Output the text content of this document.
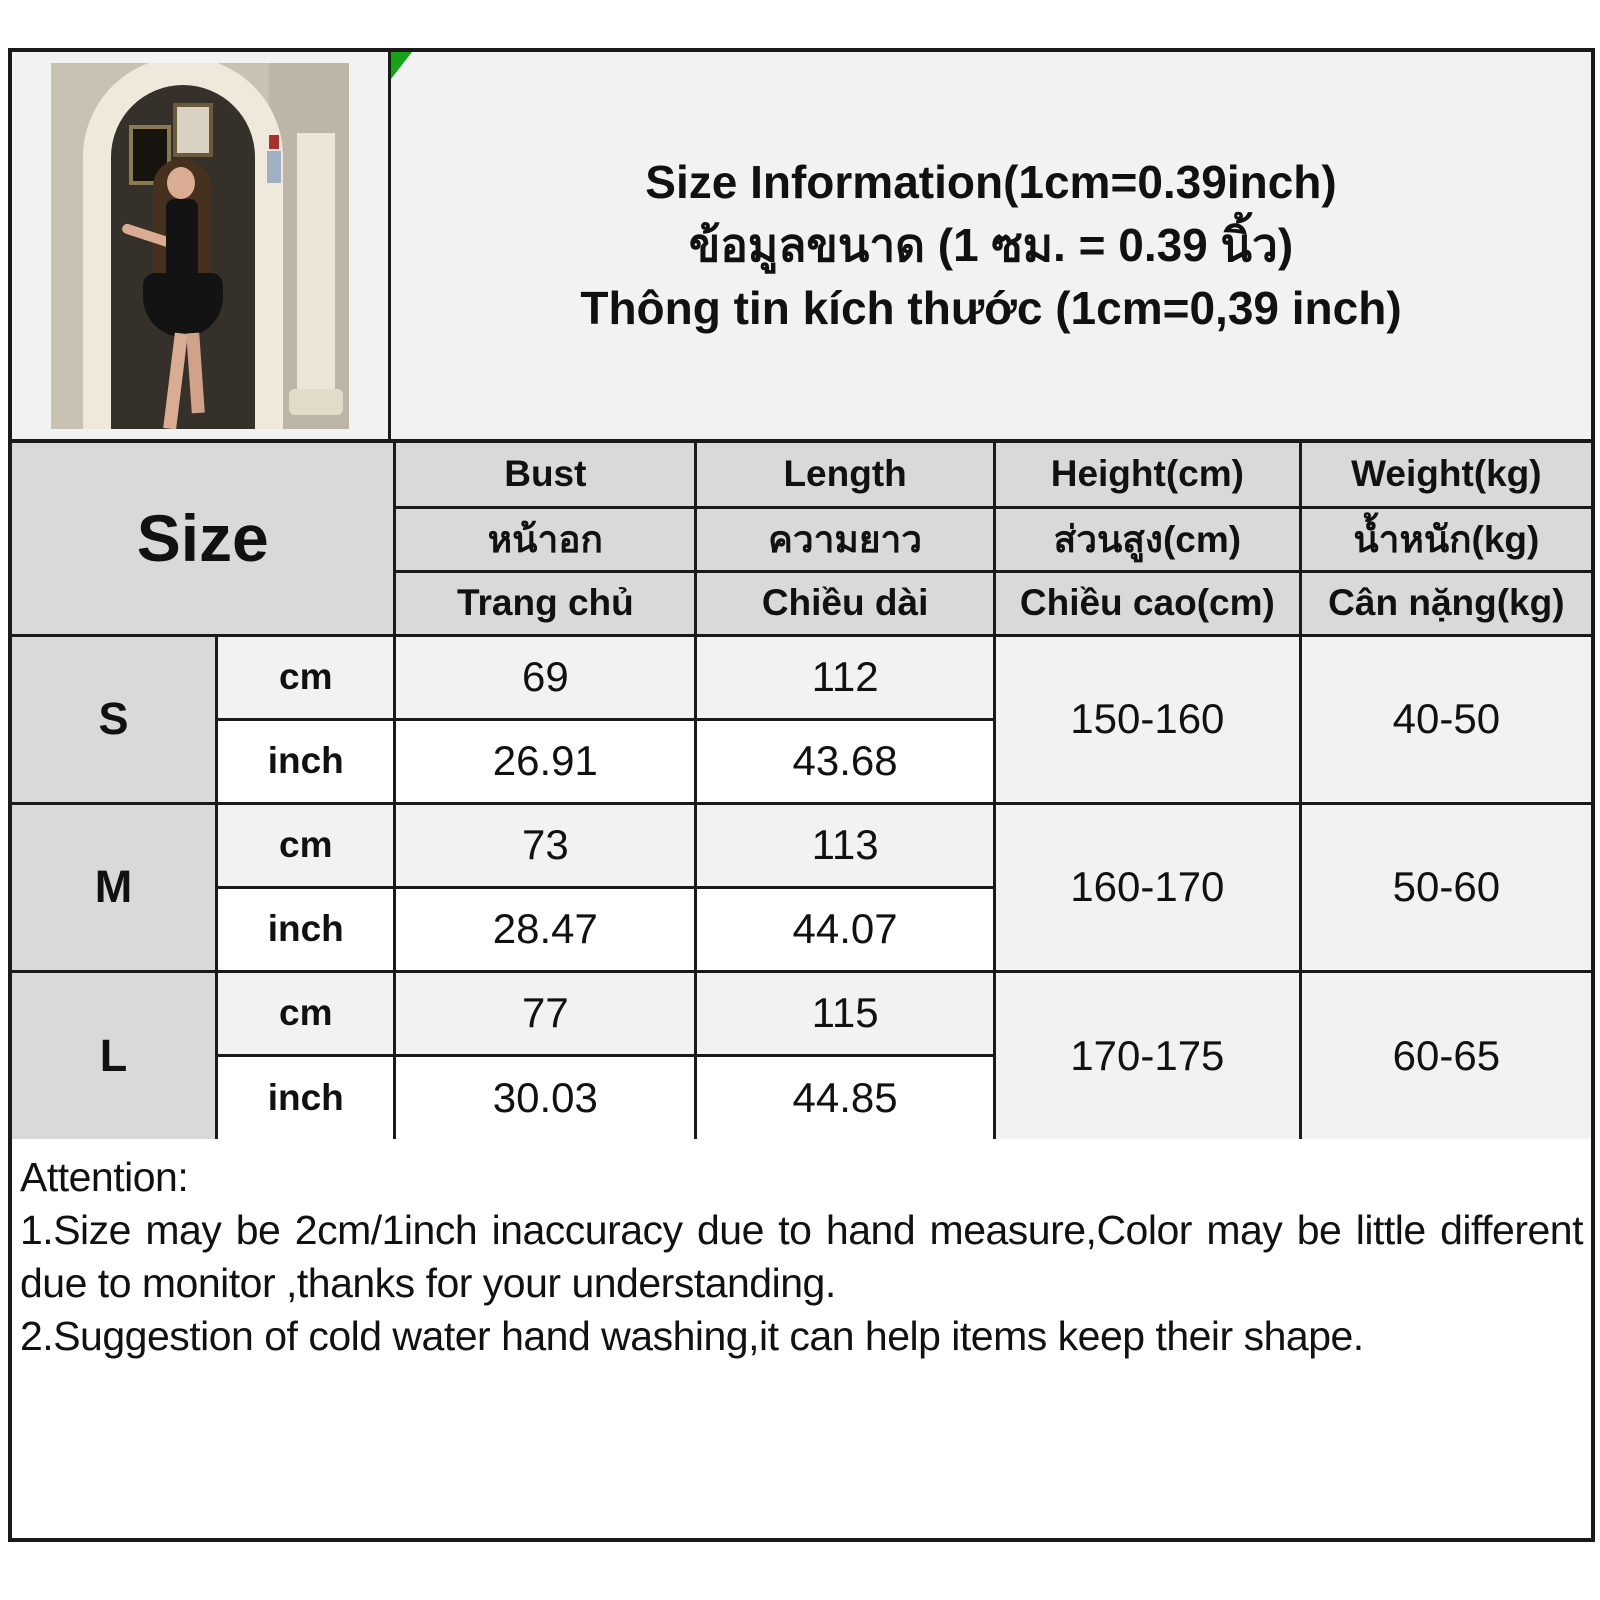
Size Information(1cm=0.39inch)
ข้อมูลขนาด (1 ซม. = 0.39 นิ้ว)
Thông tin kích thước (1cm=0,39 inch)
Size		Bust	Length	Height(cm)	Weight(kg)
		หน้าอก	ความยาว	ส่วนสูง(cm)	น้ำหนัก(kg)
		Trang chủ	Chiều dài	Chiều cao(cm)	Cân nặng(kg)
S	cm	69	112	150-160	40-50
	inch	26.91	43.68		
M	cm	73	113	160-170	50-60
	inch	28.47	44.07		
L	cm	77	115	170-175	60-65
	inch	30.03	44.85		

Attention:

1.Size may be 2cm/1inch inaccuracy due to hand measure,Color may be little different due to monitor ,thanks for your understanding.

2.Suggestion of cold water hand washing,it can help items keep their shape.
